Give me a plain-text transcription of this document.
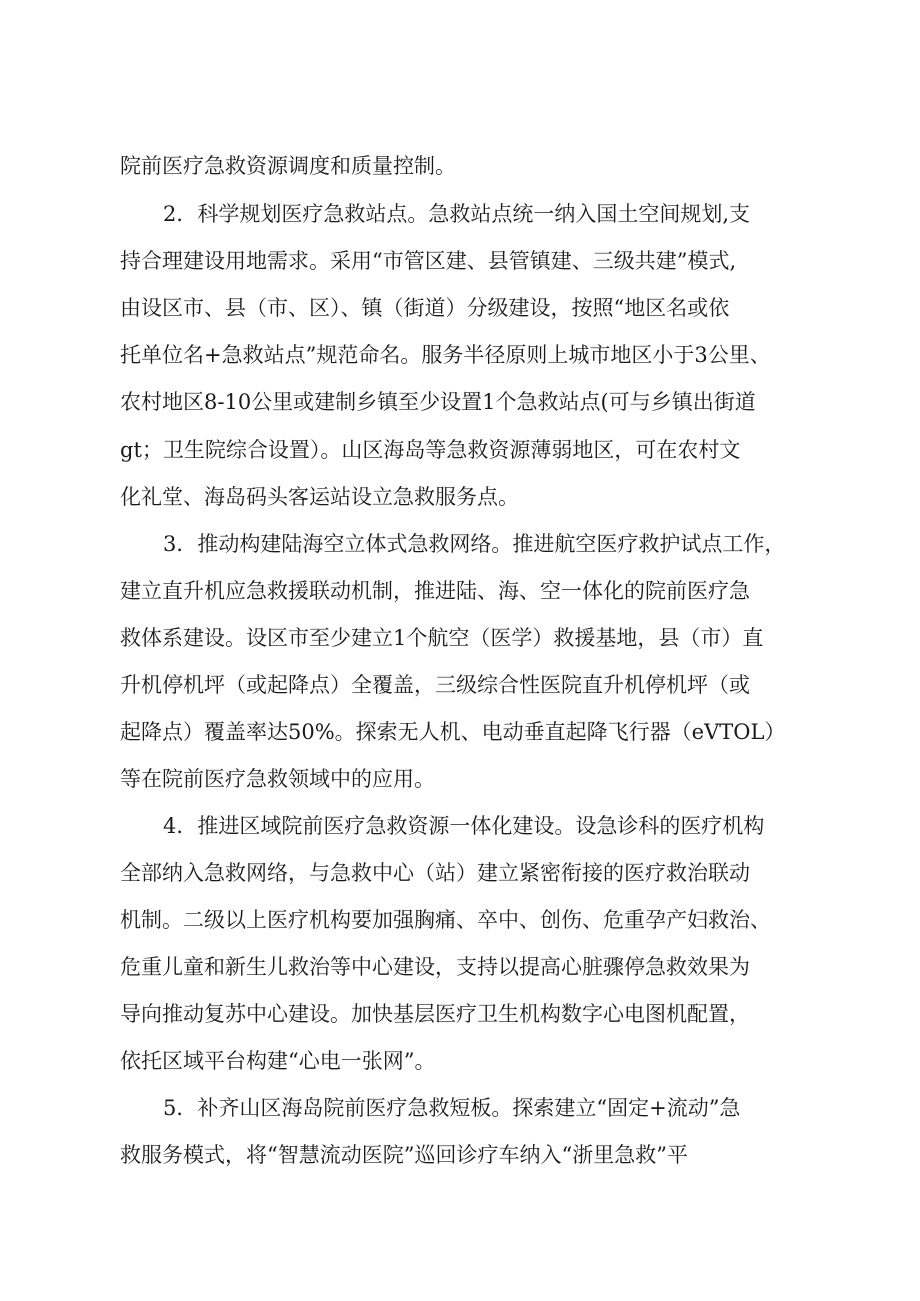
院前医疗急救资源调度和质量控制。
2．科学规划医疗急救站点。急救站点统一纳入国土空间规划,支
持合理建设用地需求。采用“市管区建、县管镇建、三级共建”模式,
由设区市、县（市、区）、镇（街道）分级建设，按照“地区名或依
托单位名+急救站点”规范命名。服务半径原则上城市地区小于3公里、
农村地区8-10公里或建制乡镇至少设置1个急救站点(可与乡镇出街道
gt；卫生院综合设置）。山区海岛等急救资源薄弱地区，可在农村文
化礼堂、海岛码头客运站设立急救服务点。
3．推动构建陆海空立体式急救网络。推进航空医疗救护试点工作，
建立直升机应急救援联动机制，推进陆、海、空一体化的院前医疗急
救体系建设。设区市至少建立1个航空（医学）救援基地，县（市）直
升机停机坪（或起降点）全覆盖，三级综合性医院直升机停机坪（或
起降点）覆盖率达50%。探索无人机、电动垂直起降飞行器（eVTOL）
等在院前医疗急救领域中的应用。
4．推进区域院前医疗急救资源一体化建设。设急诊科的医疗机构
全部纳入急救网络，与急救中心（站）建立紧密衔接的医疗救治联动
机制。二级以上医疗机构要加强胸痛、卒中、创伤、危重孕产妇救治、
危重儿童和新生儿救治等中心建设，支持以提高心脏骤停急救效果为
导向推动复苏中心建设。加快基层医疗卫生机构数字心电图机配置，
依托区域平台构建“心电一张网”。
5．补齐山区海岛院前医疗急救短板。探索建立“固定+流动”急
救服务模式，将“智慧流动医院”巡回诊疗车纳入“浙里急救”平
